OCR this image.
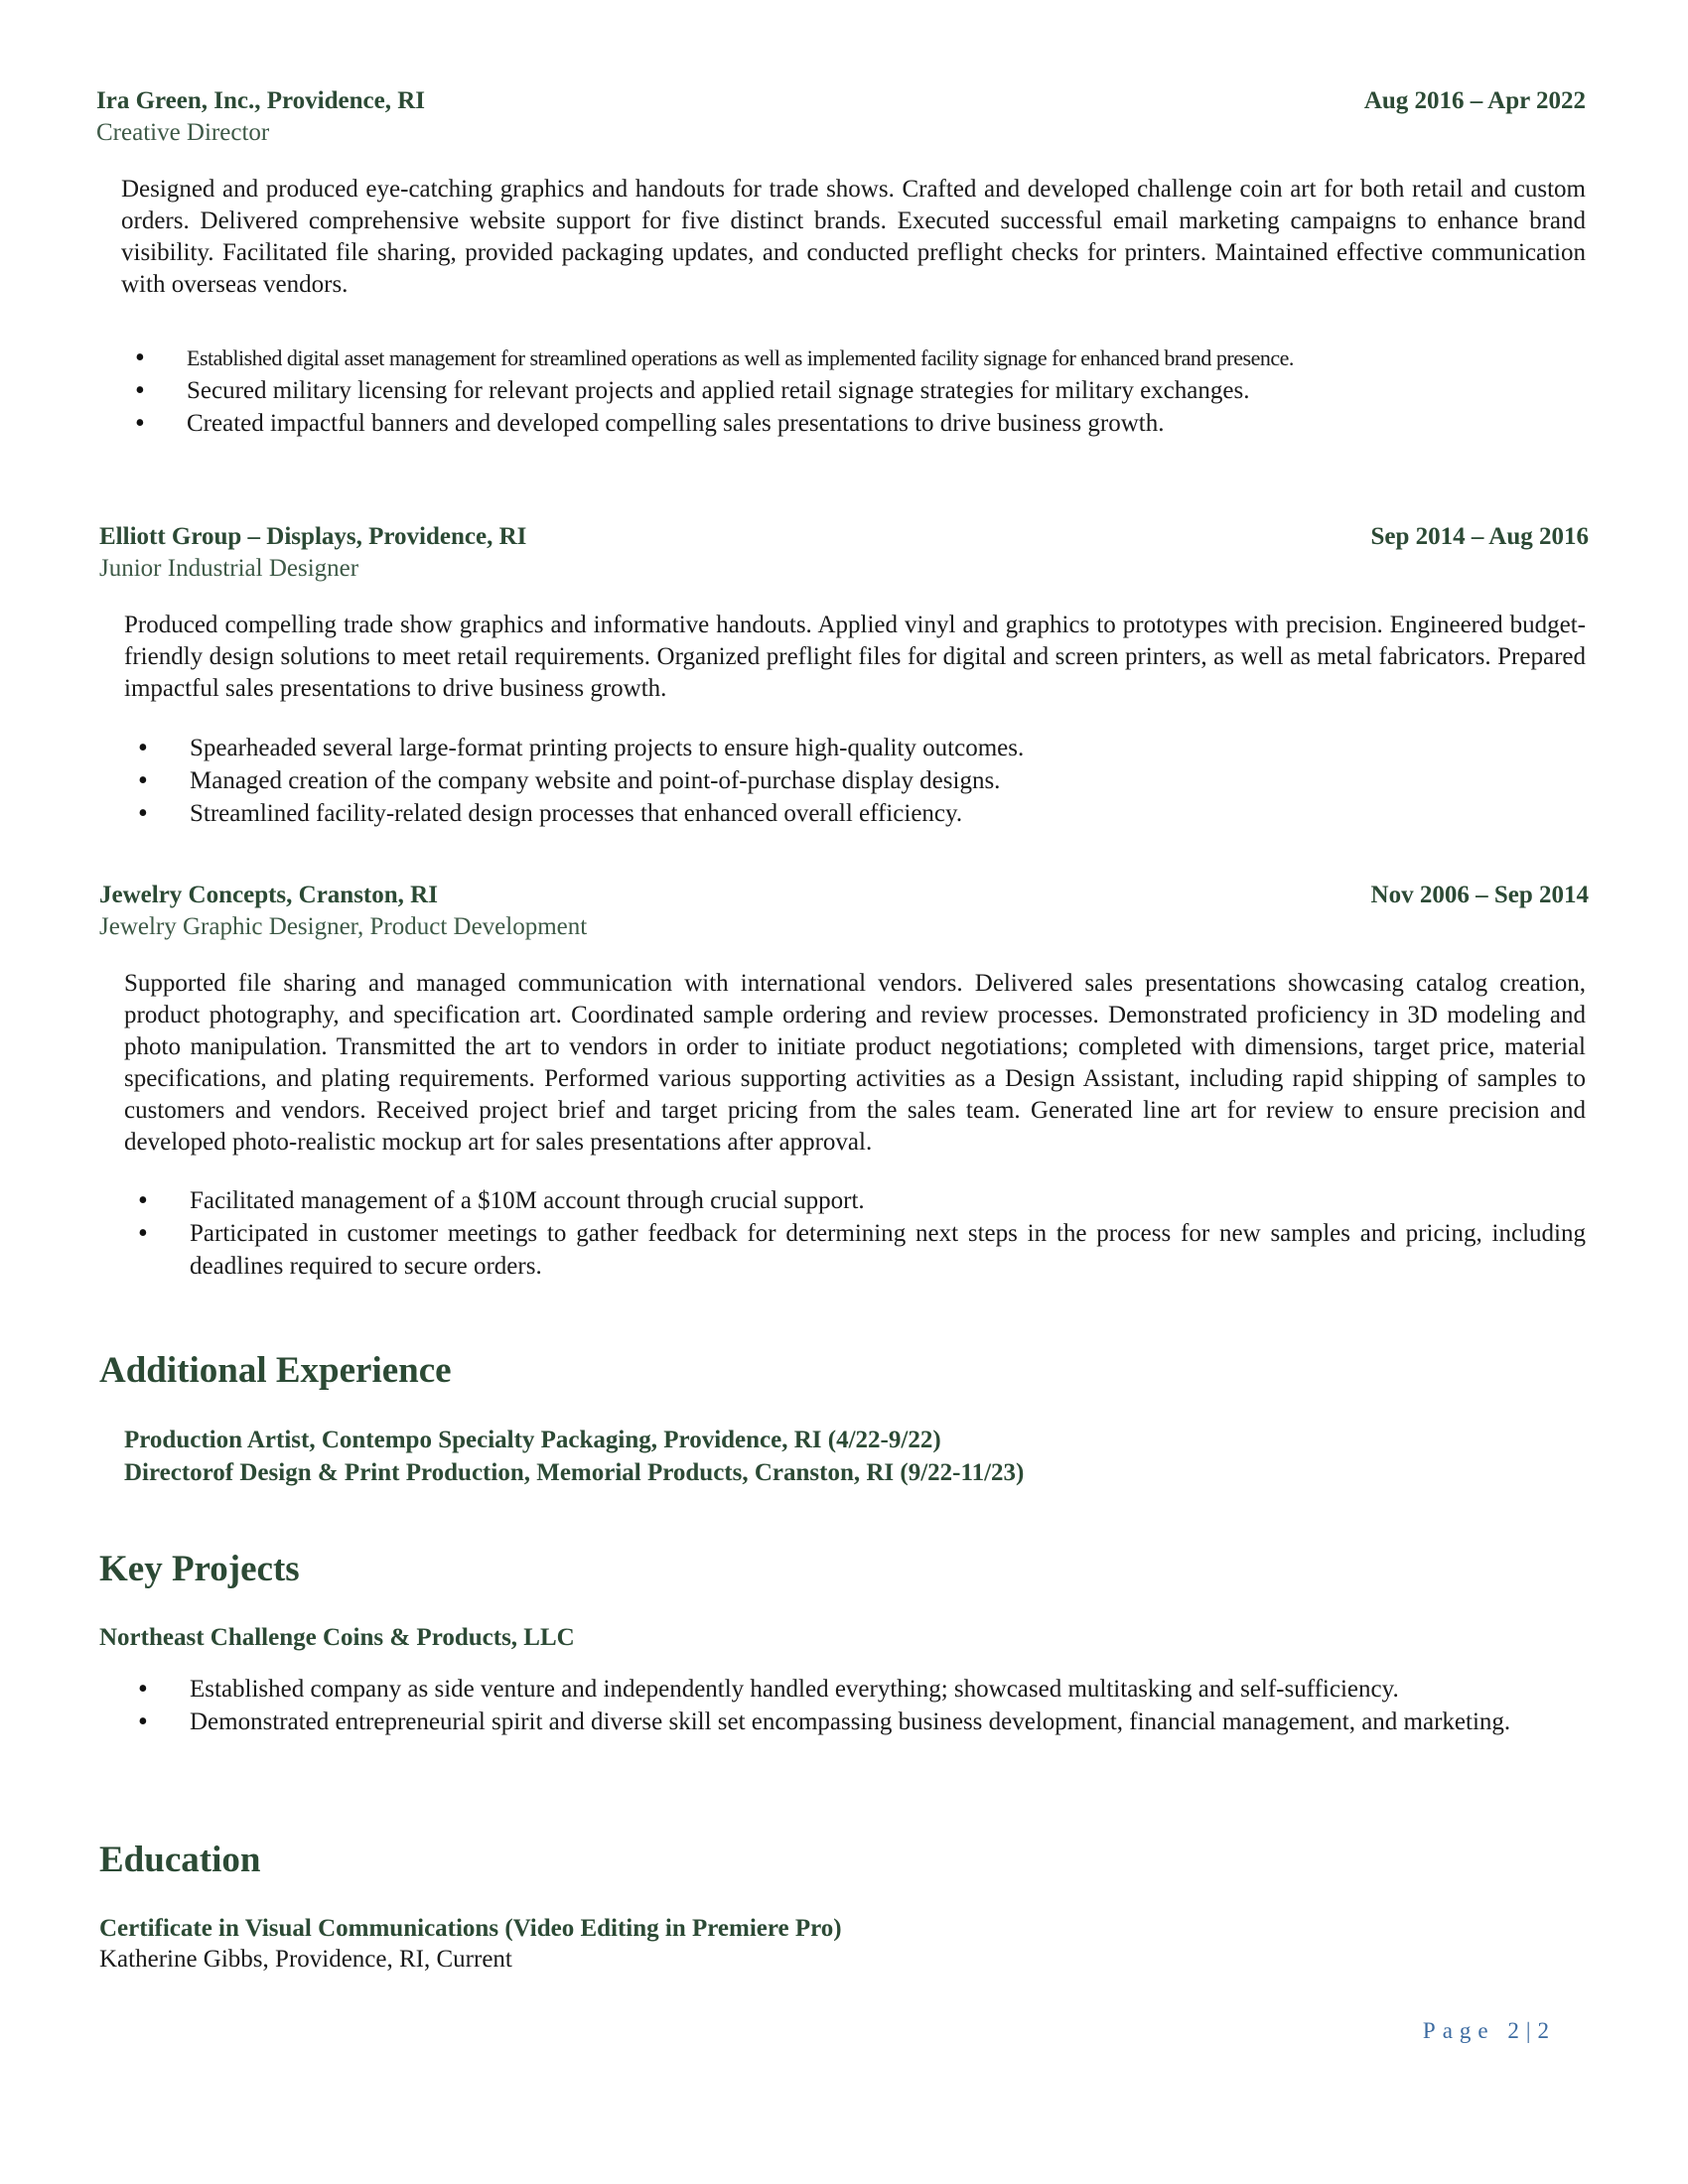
Ira Green, Inc., Providence, RI	Aug 2016 – Apr 2022
Creative Director
Designed and produced eye-catching graphics and handouts for trade shows. Crafted and developed challenge coin art for both retail and custom orders. Delivered comprehensive website support for five distinct brands. Executed successful email marketing campaigns to enhance brand visibility. Facilitated file sharing, provided packaging updates, and conducted preflight checks for printers. Maintained effective communication with overseas vendors.
• Established digital asset management for streamlined operations as well as implemented facility signage for enhanced brand presence.
• Secured military licensing for relevant projects and applied retail signage strategies for military exchanges.
• Created impactful banners and developed compelling sales presentations to drive business growth.
Elliott Group – Displays, Providence, RI	Sep 2014 – Aug 2016
Junior Industrial Designer
Produced compelling trade show graphics and informative handouts. Applied vinyl and graphics to prototypes with precision. Engineered budget-friendly design solutions to meet retail requirements. Organized preflight files for digital and screen printers, as well as metal fabricators. Prepared impactful sales presentations to drive business growth.
• Spearheaded several large-format printing projects to ensure high-quality outcomes.
• Managed creation of the company website and point-of-purchase display designs.
• Streamlined facility-related design processes that enhanced overall efficiency.
Jewelry Concepts, Cranston, RI	Nov 2006 – Sep 2014
Jewelry Graphic Designer, Product Development
Supported file sharing and managed communication with international vendors. Delivered sales presentations showcasing catalog creation, product photography, and specification art. Coordinated sample ordering and review processes. Demonstrated proficiency in 3D modeling and photo manipulation. Transmitted the art to vendors in order to initiate product negotiations; completed with dimensions, target price, material specifications, and plating requirements. Performed various supporting activities as a Design Assistant, including rapid shipping of samples to customers and vendors. Received project brief and target pricing from the sales team. Generated line art for review to ensure precision and developed photo-realistic mockup art for sales presentations after approval.
• Facilitated management of a $10M account through crucial support.
• Participated in customer meetings to gather feedback for determining next steps in the process for new samples and pricing, including deadlines required to secure orders.
Additional Experience
Production Artist, Contempo Specialty Packaging, Providence, RI (4/22-9/22)
Directorof Design & Print Production, Memorial Products, Cranston, RI (9/22-11/23)
Key Projects
Northeast Challenge Coins & Products, LLC
• Established company as side venture and independently handled everything; showcased multitasking and self-sufficiency.
• Demonstrated entrepreneurial spirit and diverse skill set encompassing business development, financial management, and marketing.
Education
Certificate in Visual Communications (Video Editing in Premiere Pro)
Katherine Gibbs, Providence, RI, Current
Page 2|2
